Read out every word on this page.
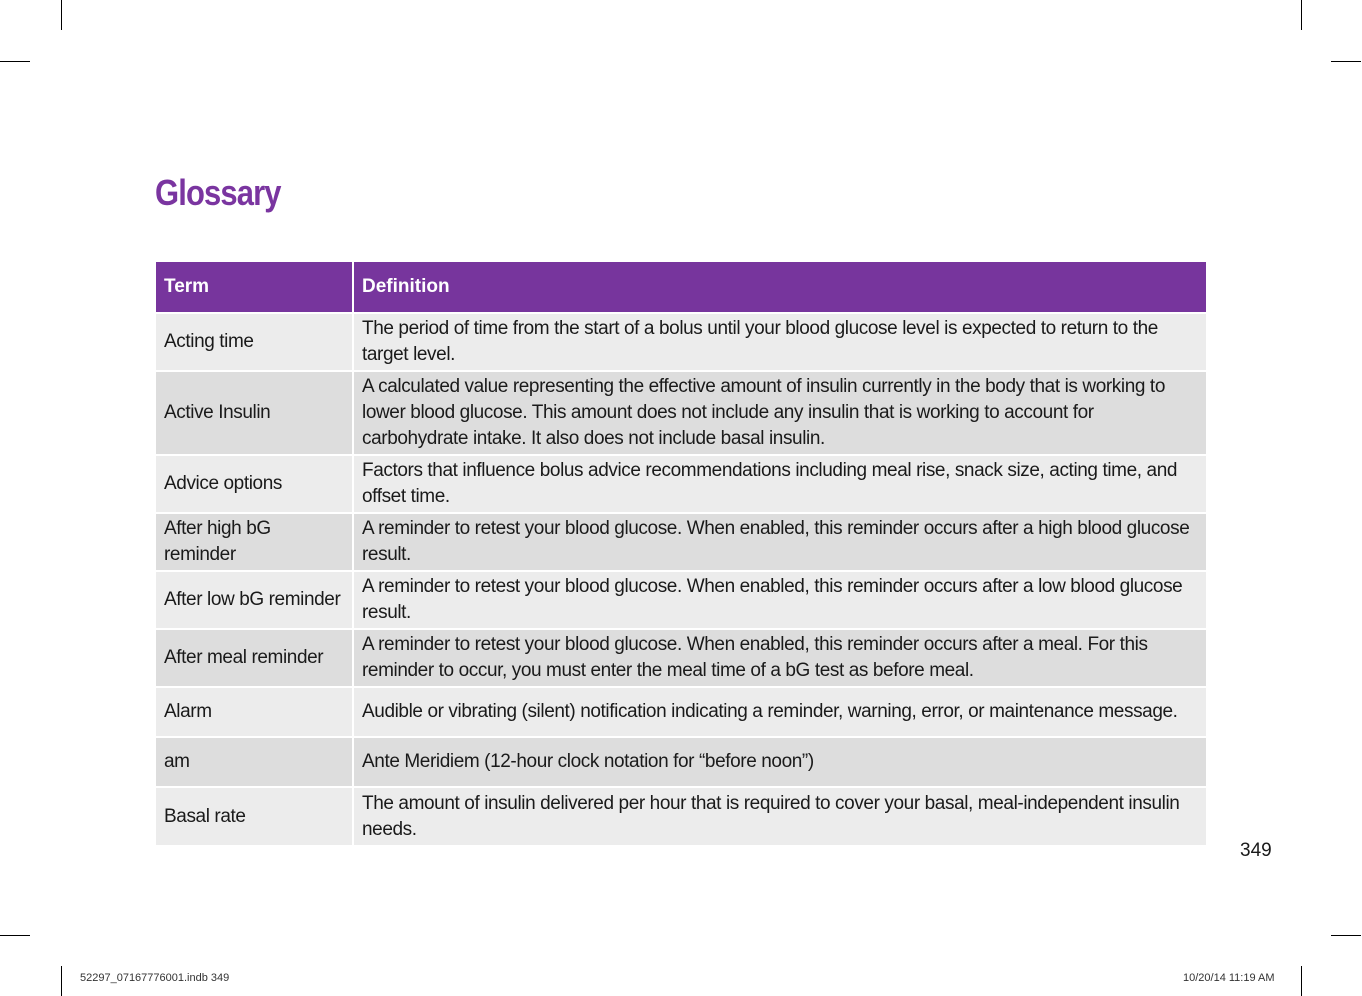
Glossary
Term	Definition
Acting time	The period of time from the start of a bolus until your blood glucose level is expected to return to the target level.
Active Insulin	A calculated value representing the effective amount of insulin currently in the body that is working to lower blood glucose. This amount does not include any insulin that is working to account for carbohydrate intake. It also does not include basal insulin.
Advice options	Factors that influence bolus advice recommendations including meal rise, snack size, acting time, and offset time.
After high bG reminder	A reminder to retest your blood glucose. When enabled, this reminder occurs after a high blood glucose result.
After low bG reminder	A reminder to retest your blood glucose. When enabled, this reminder occurs after a low blood glucose result.
After meal reminder	A reminder to retest your blood glucose. When enabled, this reminder occurs after a meal. For this reminder to occur, you must enter the meal time of a bG test as before meal.
Alarm	Audible or vibrating (silent) notification indicating a reminder, warning, error, or maintenance message.
am	Ante Meridiem (12-hour clock notation for “before noon”)
Basal rate	The amount of insulin delivered per hour that is required to cover your basal, meal-independent insulin needs.
349
52297_07167776001.indb 349	10/20/14 11:19 AM
